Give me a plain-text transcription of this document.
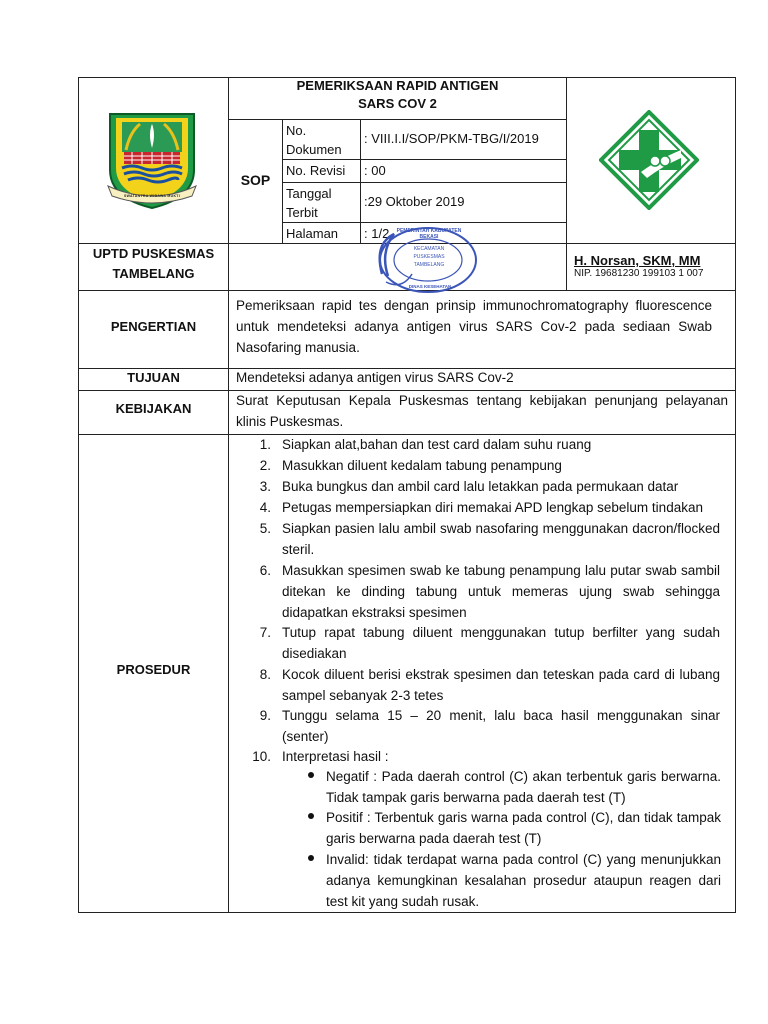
SWATANTRA WIBAWA MUKTI
PEMERIKSAAN RAPID ANTIGEN
SARS COV 2
SOP
No. Dokumen
: VIII.I.I/SOP/PKM-TBG/I/2019
No. Revisi	: 00
Tanggal Terbit
:29 Oktober 2019
Halaman	: 1/2
UPTD PUSKESMAS
TAMBELANG
PEMERINTAH KABUPATEN BEKASI
KECAMATAN
PUSKESMAS
TAMBELANG
DINAS KESEHATAN
H. Norsan, SKM, MM
NIP. 19681230 199103 1 007
PENGERTIAN
Pemeriksaan rapid tes dengan prinsip immunochromatography fluorescence untuk mendeteksi adanya antigen virus SARS Cov-2 pada sediaan Swab Nasofaring manusia.
TUJUAN	Mendeteksi adanya antigen virus SARS Cov-2
KEBIJAKAN
Surat Keputusan Kepala Puskesmas tentang kebijakan penunjang pelayanan klinis Puskesmas.
PROSEDUR
1. Siapkan alat,bahan dan test card dalam suhu ruang
2. Masukkan diluent kedalam tabung penampung
3. Buka bungkus dan ambil card lalu letakkan pada permukaan datar
4. Petugas mempersiapkan diri memakai APD lengkap sebelum tindakan
5. Siapkan pasien lalu ambil swab nasofaring menggunakan dacron/flocked steril.
6. Masukkan spesimen swab ke tabung penampung lalu putar swab sambil ditekan ke dinding tabung untuk memeras ujung swab sehingga didapatkan ekstraksi spesimen
7. Tutup rapat tabung diluent menggunakan tutup berfilter yang sudah disediakan
8. Kocok diluent berisi ekstrak spesimen dan teteskan pada card di lubang sampel sebanyak 2-3 tetes
9. Tunggu selama 15 – 20 menit, lalu baca hasil menggunakan sinar (senter)
10. Interpretasi hasil :
Negatif : Pada daerah control (C) akan terbentuk garis berwarna. Tidak tampak garis berwarna pada daerah test (T)
Positif : Terbentuk garis warna pada control (C), dan tidak tampak garis berwarna pada daerah test (T)
Invalid: tidak terdapat warna pada control (C) yang menunjukkan adanya kemungkinan kesalahan prosedur ataupun reagen dari test kit yang sudah rusak.
